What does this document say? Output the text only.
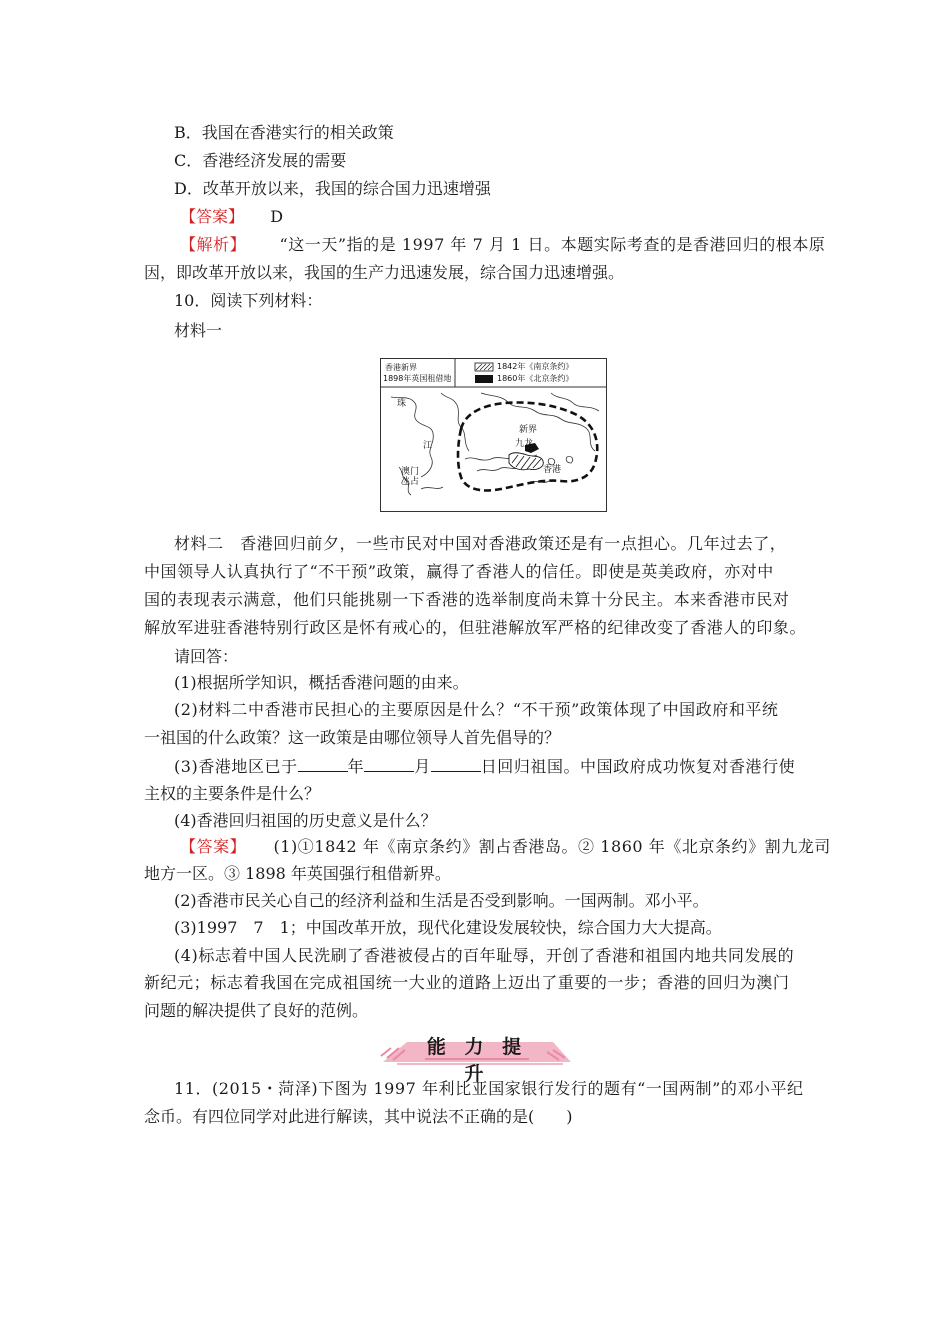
B．我国在香港实行的相关政策
C．香港经济发展的需要
D．改革开放以来，我国的综合国力迅速增强
【答案】 D
【解析】 “这一天”指的是 1997 年 7 月 1 日。本题实际考查的是香港回归的根本原
因，即改革开放以来，我国的生产力迅速发展，综合国力迅速增强。
10．阅读下列材料：
材料一
香港新界
1898年英国租借地
1842年《南京条约》
1860年《北京条约》
珠
江
澳门
氹占
新界
九龙
香港
材料二　香港回归前夕，一些市民对中国对香港政策还是有一点担心。几年过去了，
中国领导人认真执行了“不干预”政策，赢得了香港人的信任。即使是英美政府，亦对中
国的表现表示满意，他们只能挑剔一下香港的选举制度尚未算十分民主。本来香港市民对
解放军进驻香港特别行政区是怀有戒心的，但驻港解放军严格的纪律改变了香港人的印象。
请回答：
(1)根据所学知识，概括香港问题的由来。
(2)材料二中香港市民担心的主要原因是什么？“不干预”政策体现了中国政府和平统
一祖国的什么政策？这一政策是由哪位领导人首先倡导的？
(3)香港地区已于	年	月	日回归祖国。中国政府成功恢复对香港行使
主权的主要条件是什么？
(4)香港回归祖国的历史意义是什么？
【答案】 (1)①1842 年《南京条约》割占香港岛。② 1860 年《北京条约》割九龙司
地方一区。③ 1898 年英国强行租借新界。
(2)香港市民关心自己的经济利益和生活是否受到影响。一国两制。邓小平。
(3)1997　7　1；中国改革开放，现代化建设发展较快，综合国力大大提高。
(4)标志着中国人民洗刷了香港被侵占的百年耻辱，开创了香港和祖国内地共同发展的
新纪元；标志着我国在完成祖国统一大业的道路上迈出了重要的一步；香港的回归为澳门
问题的解决提供了良好的范例。
能 力 提 升
11．(2015・菏泽)下图为 1997 年利比亚国家银行发行的题有“一国两制”的邓小平纪
念币。有四位同学对此进行解读，其中说法不正确的是(　　)
